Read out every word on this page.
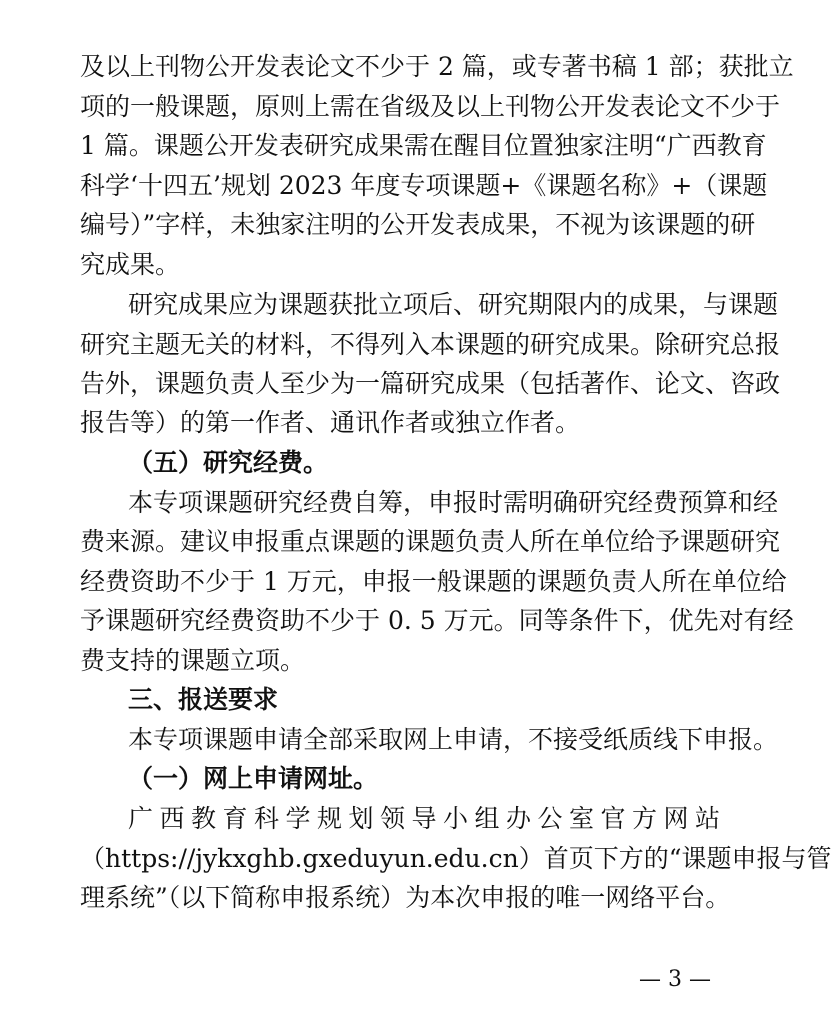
及以上刊物公开发表论文不少于 2 篇，或专著书稿 1 部；获批立
项的一般课题，原则上需在省级及以上刊物公开发表论文不少于
1 篇。课题公开发表研究成果需在醒目位置独家注明“广西教育
科学‘十四五’规划 2023 年度专项课题+《课题名称》+（课题
编号）”字样，未独家注明的公开发表成果，不视为该课题的研
究成果。
研究成果应为课题获批立项后、研究期限内的成果，与课题
研究主题无关的材料，不得列入本课题的研究成果。除研究总报
告外，课题负责人至少为一篇研究成果（包括著作、论文、咨政
报告等）的第一作者、通讯作者或独立作者。
（五）研究经费。
本专项课题研究经费自筹，申报时需明确研究经费预算和经
费来源。建议申报重点课题的课题负责人所在单位给予课题研究
经费资助不少于 1 万元，申报一般课题的课题负责人所在单位给
予课题研究经费资助不少于 0. 5 万元。同等条件下，优先对有经
费支持的课题立项。
三、报送要求
本专项课题申请全部采取网上申请，不接受纸质线下申报。
（一）网上申请网址。
广西教育科学规划领导小组办公室官方网站
（https://jykxghb.gxeduyun.edu.cn）首页下方的“课题申报与管
理系统”（以下简称申报系统）为本次申报的唯一网络平台。
— 3 —
